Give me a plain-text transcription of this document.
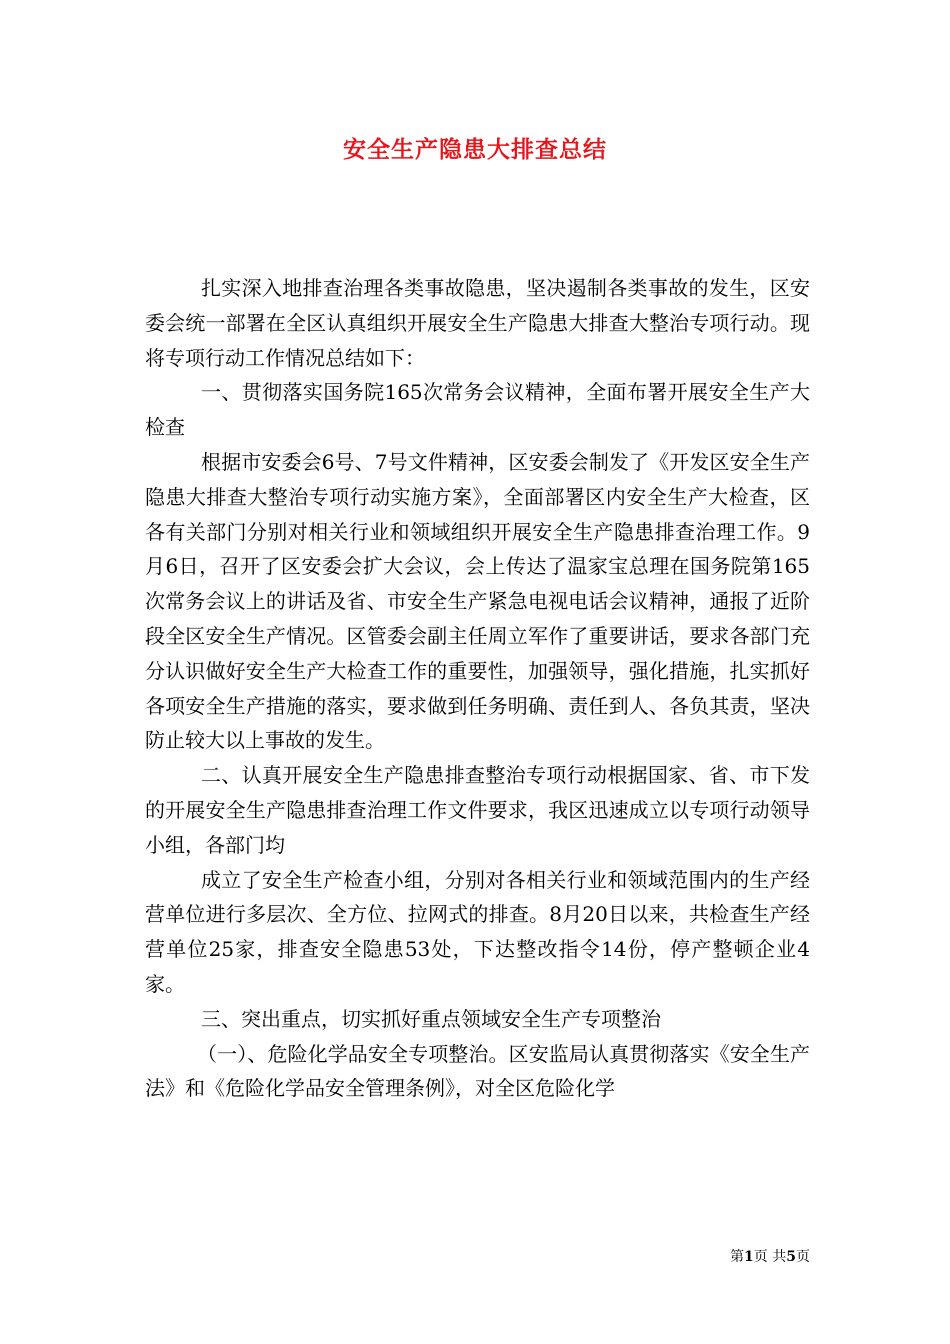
安全生产隐患大排查总结

扎实深入地排查治理各类事故隐患，坚决遏制各类事故的发生，区安委会统一部署在全区认真组织开展安全生产隐患大排查大整治专项行动。现将专项行动工作情况总结如下：

一、贯彻落实国务院165次常务会议精神，全面布署开展安全生产大检查

根据市安委会6号、7号文件精神，区安委会制发了《开发区安全生产隐患大排查大整治专项行动实施方案》，全面部署区内安全生产大检查，区各有关部门分别对相关行业和领域组织开展安全生产隐患排查治理工作。9月6日，召开了区安委会扩大会议，会上传达了温家宝总理在国务院第165次常务会议上的讲话及省、市安全生产紧急电视电话会议精神，通报了近阶段全区安全生产情况。区管委会副主任周立军作了重要讲话，要求各部门充分认识做好安全生产大检查工作的重要性，加强领导，强化措施，扎实抓好各项安全生产措施的落实，要求做到任务明确、责任到人、各负其责，坚决防止较大以上事故的发生。

二、认真开展安全生产隐患排查整治专项行动根据国家、省、市下发的开展安全生产隐患排查治理工作文件要求，我区迅速成立以专项行动领导小组，各部门均

成立了安全生产检查小组，分别对各相关行业和领域范围内的生产经营单位进行多层次、全方位、拉网式的排查。8月20日以来，共检查生产经营单位25家，排查安全隐患53处，下达整改指令14份，停产整顿企业4家。

三、突出重点，切实抓好重点领域安全生产专项整治

（一）、危险化学品安全专项整治。区安监局认真贯彻落实《安全生产法》和《危险化学品安全管理条例》，对全区危险化学

第1页 共5页
